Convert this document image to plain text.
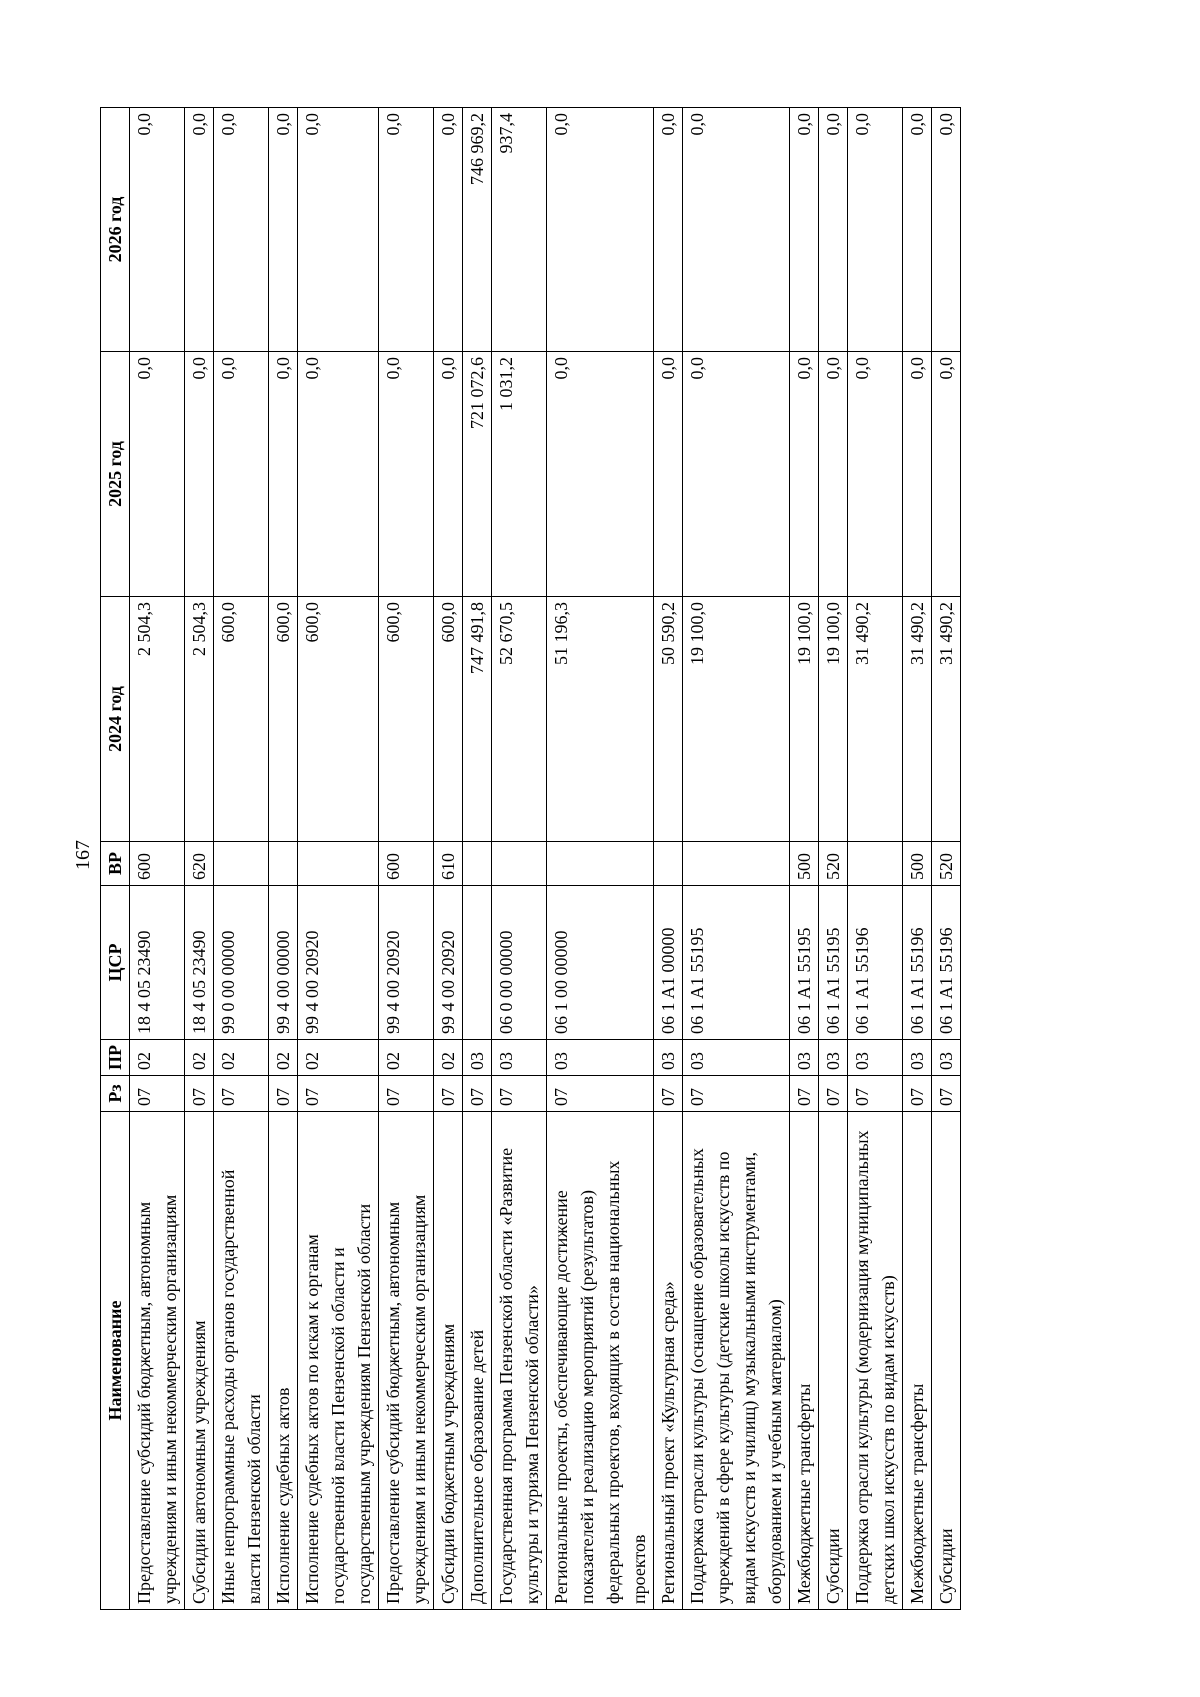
167
Наименование	Рз	ПР	ЦСР	ВР	2024 год	2025 год	2026 год
Предоставление субсидий бюджетным, автономным учреждениям и иным некоммерческим организациям	07	02	18 4 05 23490	600	2 504,3	0,0	0,0
Субсидии автономным учреждениям	07	02	18 4 05 23490	620	2 504,3	0,0	0,0
Иные непрограммные расходы органов государственной власти Пензенской области	07	02	99 0 00 00000		600,0	0,0	0,0
Исполнение судебных актов	07	02	99 4 00 00000		600,0	0,0	0,0
Исполнение судебных актов по искам к органам государственной власти Пензенской области и государственным учреждениям Пензенской области	07	02	99 4 00 20920		600,0	0,0	0,0
Предоставление субсидий бюджетным, автономным учреждениям и иным некоммерческим организациям	07	02	99 4 00 20920	600	600,0	0,0	0,0
Субсидии бюджетным учреждениям	07	02	99 4 00 20920	610	600,0	0,0	0,0
Дополнительное образование детей	07	03			747 491,8	721 072,6	746 969,2
Государственная программа Пензенской области «Развитие культуры и туризма Пензенской области»	07	03	06 0 00 00000		52 670,5	1 031,2	937,4
Региональные проекты, обеспечивающие достижение показателей и реализацию мероприятий (результатов) федеральных проектов, входящих в состав национальных проектов	07	03	06 1 00 00000		51 196,3	0,0	0,0
Региональный проект «Культурная среда»	07	03	06 1 A1 00000		50 590,2	0,0	0,0
Поддержка отрасли культуры (оснащение образовательных учреждений в сфере культуры (детские школы искусств по видам искусств и училищ) музыкальными инструментами, оборудованием и учебным материалом)	07	03	06 1 A1 55195		19 100,0	0,0	0,0
Межбюджетные трансферты	07	03	06 1 A1 55195	500	19 100,0	0,0	0,0
Субсидии	07	03	06 1 A1 55195	520	19 100,0	0,0	0,0
Поддержка отрасли культуры (модернизация муниципальных детских школ искусств по видам искусств)	07	03	06 1 A1 55196		31 490,2	0,0	0,0
Межбюджетные трансферты	07	03	06 1 A1 55196	500	31 490,2	0,0	0,0
Субсидии	07	03	06 1 A1 55196	520	31 490,2	0,0	0,0
